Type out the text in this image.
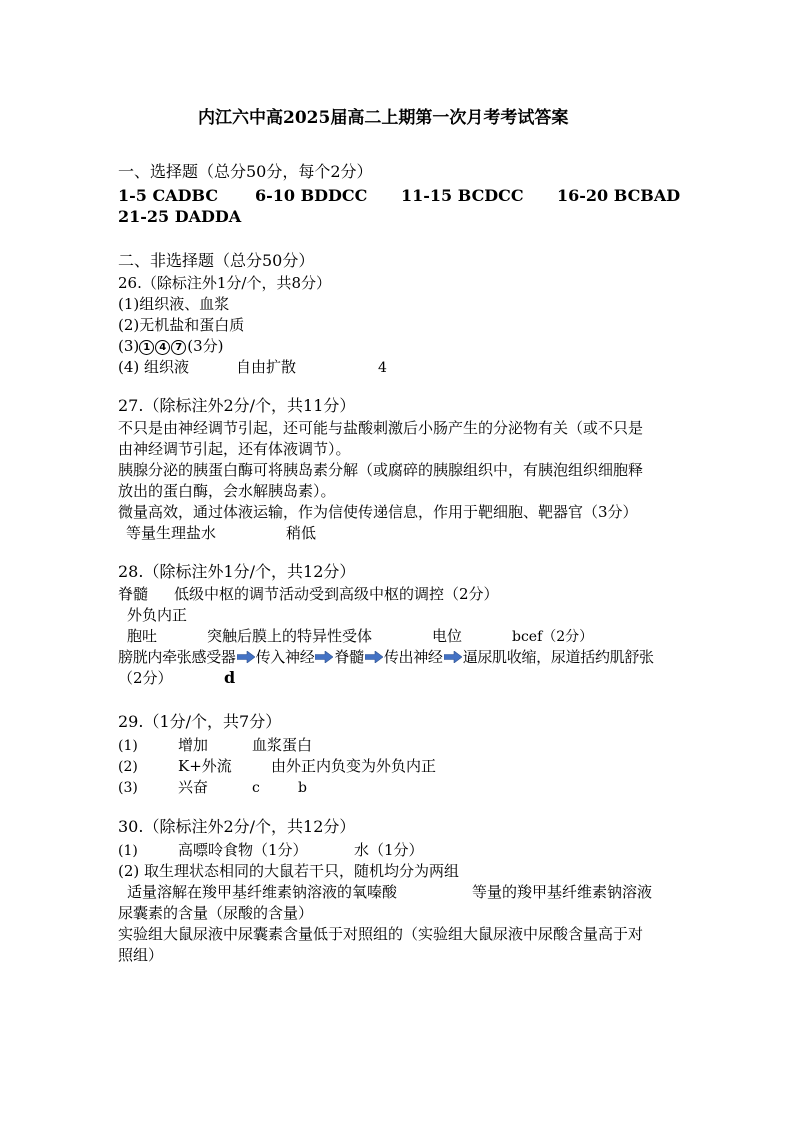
内江六中高2025届高二上期第一次月考考试答案
一、选择题（总分50分，每个2分）
1-5 CADBC 6-10 BDDCC 11-15 BCDCC 16-20 BCBAD
21-25 DADDA
二、非选择题（总分50分）
26.（除标注外1分/个，共8分）
(1)组织液、血浆
(2)无机盐和蛋白质
(3) 1 4 7 (3分)
(4) 组织液	自由扩散	4
27.（除标注外2分/个，共11分）
不只是由神经调节引起，还可能与盐酸刺激后小肠产生的分泌物有关（或不只是
由神经调节引起，还有体液调节）。
胰腺分泌的胰蛋白酶可将胰岛素分解（或腐碎的胰腺组织中，有胰泡组织细胞释
放出的蛋白酶，会水解胰岛素）。
微量高效，通过体液运输，作为信使传递信息，作用于靶细胞、靶器官（3分）
等量生理盐水	稍低
28.（除标注外1分/个，共12分）
脊髓 低级中枢的调节活动受到高级中枢的调控（2分）
外负内正
胞吐	突触后膜上的特异性受体	电位	bcef（2分）
膀胱内牵张感受器 传入神经 脊髓 传出神经 逼尿肌收缩，尿道括约肌舒张
（2分）	d
29.（1分/个，共7分）
(1)	增加	血浆蛋白
(2)	K+外流	由外正内负变为外负内正
(3)	兴奋	c	b
30.（除标注外2分/个，共12分）
(1)	高嘌呤食物（1分）	水（1分）
(2) 取生理状态相同的大鼠若干只，随机均分为两组
适量溶解在羧甲基纤维素钠溶液的氧嗪酸	等量的羧甲基纤维素钠溶液
尿囊素的含量（尿酸的含量）
实验组大鼠尿液中尿囊素含量低于对照组的（实验组大鼠尿液中尿酸含量高于对
照组）
